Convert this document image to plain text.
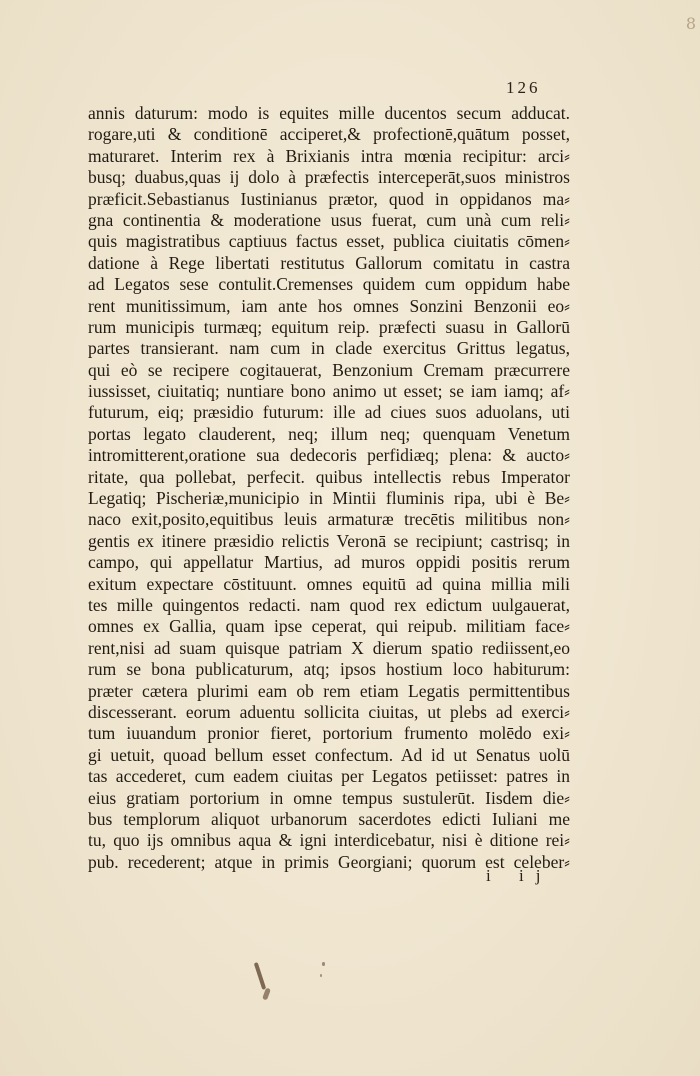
8
126
annis daturum: modo is equites mille ducentos secum adducat.
rogare,uti & conditionē acciperet,& profectionē,quātum posset,
maturaret. Interim rex à Brixianis intra mœnia recipitur: arci⸗
busq; duabus,quas ij dolo à præfectis interceperāt,suos ministros
præficit.Sebastianus Iustinianus prætor, quod in oppidanos ma⸗
gna continentia & moderatione usus fuerat, cum unà cum reli⸗
quis magistratibus captiuus factus esset, publica ciuitatis cōmen⸗
datione à Rege libertati restitutus Gallorum comitatu in castra
ad Legatos sese contulit.Cremenses quidem cum oppidum habe
rent munitissimum, iam ante hos omnes Sonzini Benzonii eo⸗
rum municipis turmæq; equitum reip. præfecti suasu in Gallorū
partes transierant. nam cum in clade exercitus Grittus legatus,
qui eò se recipere cogitauerat, Benzonium Cremam præcurrere
iussisset, ciuitatiq; nuntiare bono animo ut esset; se iam iamq; af⸗
futurum, eiq; præsidio futurum: ille ad ciues suos aduolans, uti
portas legato clauderent, neq; illum neq; quenquam Venetum
intromitterent,oratione sua dedecoris perfidiæq; plena: & aucto⸗
ritate, qua pollebat, perfecit. quibus intellectis rebus Imperator
Legatiq; Pischeriæ,municipio in Mintii fluminis ripa, ubi è Be⸗
naco exit,posito,equitibus leuis armaturæ trecētis militibus non⸗
gentis ex itinere præsidio relictis Veronā se recipiunt; castrisq; in
campo, qui appellatur Martius, ad muros oppidi positis rerum
exitum expectare cōstituunt. omnes equitū ad quina millia mili
tes mille quingentos redacti. nam quod rex edictum uulgauerat,
omnes ex Gallia, quam ipse ceperat, qui reipub. militiam face⸗
rent,nisi ad suam quisque patriam X dierum spatio rediissent,eo
rum se bona publicaturum, atq; ipsos hostium loco habiturum:
præter cætera plurimi eam ob rem etiam Legatis permittentibus
discesserant. eorum aduentu sollicita ciuitas, ut plebs ad exerci⸗
tum iuuandum pronior fieret, portorium frumento molēdo exi⸗
gi uetuit, quoad bellum esset confectum. Ad id ut Senatus uolū
tas accederet, cum eadem ciuitas per Legatos petiisset: patres in
eius gratiam portorium in omne tempus sustulerūt. Iisdem die⸗
bus templorum aliquot urbanorum sacerdotes edicti Iuliani me
tu, quo ijs omnibus aqua & igni interdicebatur, nisi è ditione rei⸗
pub. recederent; atque in primis Georgiani; quorum est celeber⸗
i ij
